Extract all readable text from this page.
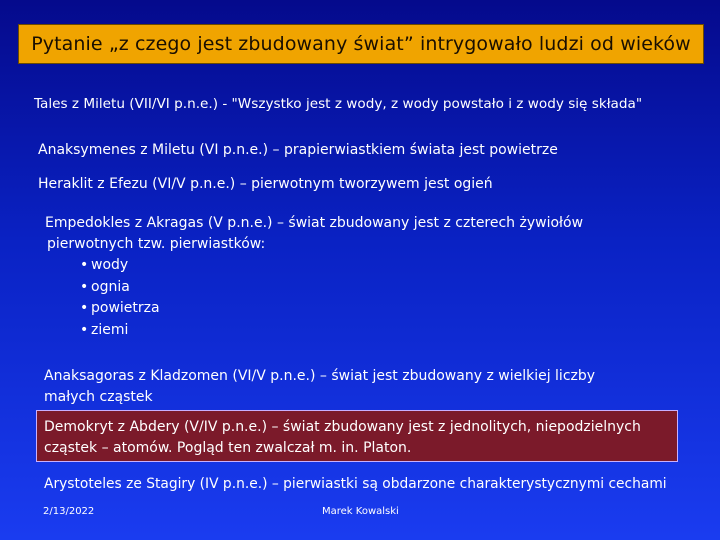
Pytanie „z czego jest zbudowany świat” intrygowało ludzi od wieków
Tales z Miletu (VII/VI p.n.e.) - "Wszystko jest z wody, z wody powstało i z wody się składa"
Anaksymenes z Miletu (VI p.n.e.) – prapierwiastkiem świata jest powietrze
Heraklit z Efezu (VI/V p.n.e.) – pierwotnym tworzywem jest ogień
Empedokles z Akragas (V p.n.e.) – świat zbudowany jest z czterech żywiołów
pierwotnych tzw. pierwiastków:
• wody
• ognia
• powietrza
• ziemi
Anaksagoras z Kladzomen (VI/V p.n.e.) – świat jest zbudowany z wielkiej liczby
małych cząstek
Demokryt z Abdery (V/IV p.n.e.) – świat zbudowany jest z jednolitych, niepodzielnych
cząstek – atomów. Pogląd ten zwalczał m. in. Platon.
Arystoteles ze Stagiry (IV p.n.e.) – pierwiastki są obdarzone charakterystycznymi cechami
2/13/2022	Marek Kowalski
